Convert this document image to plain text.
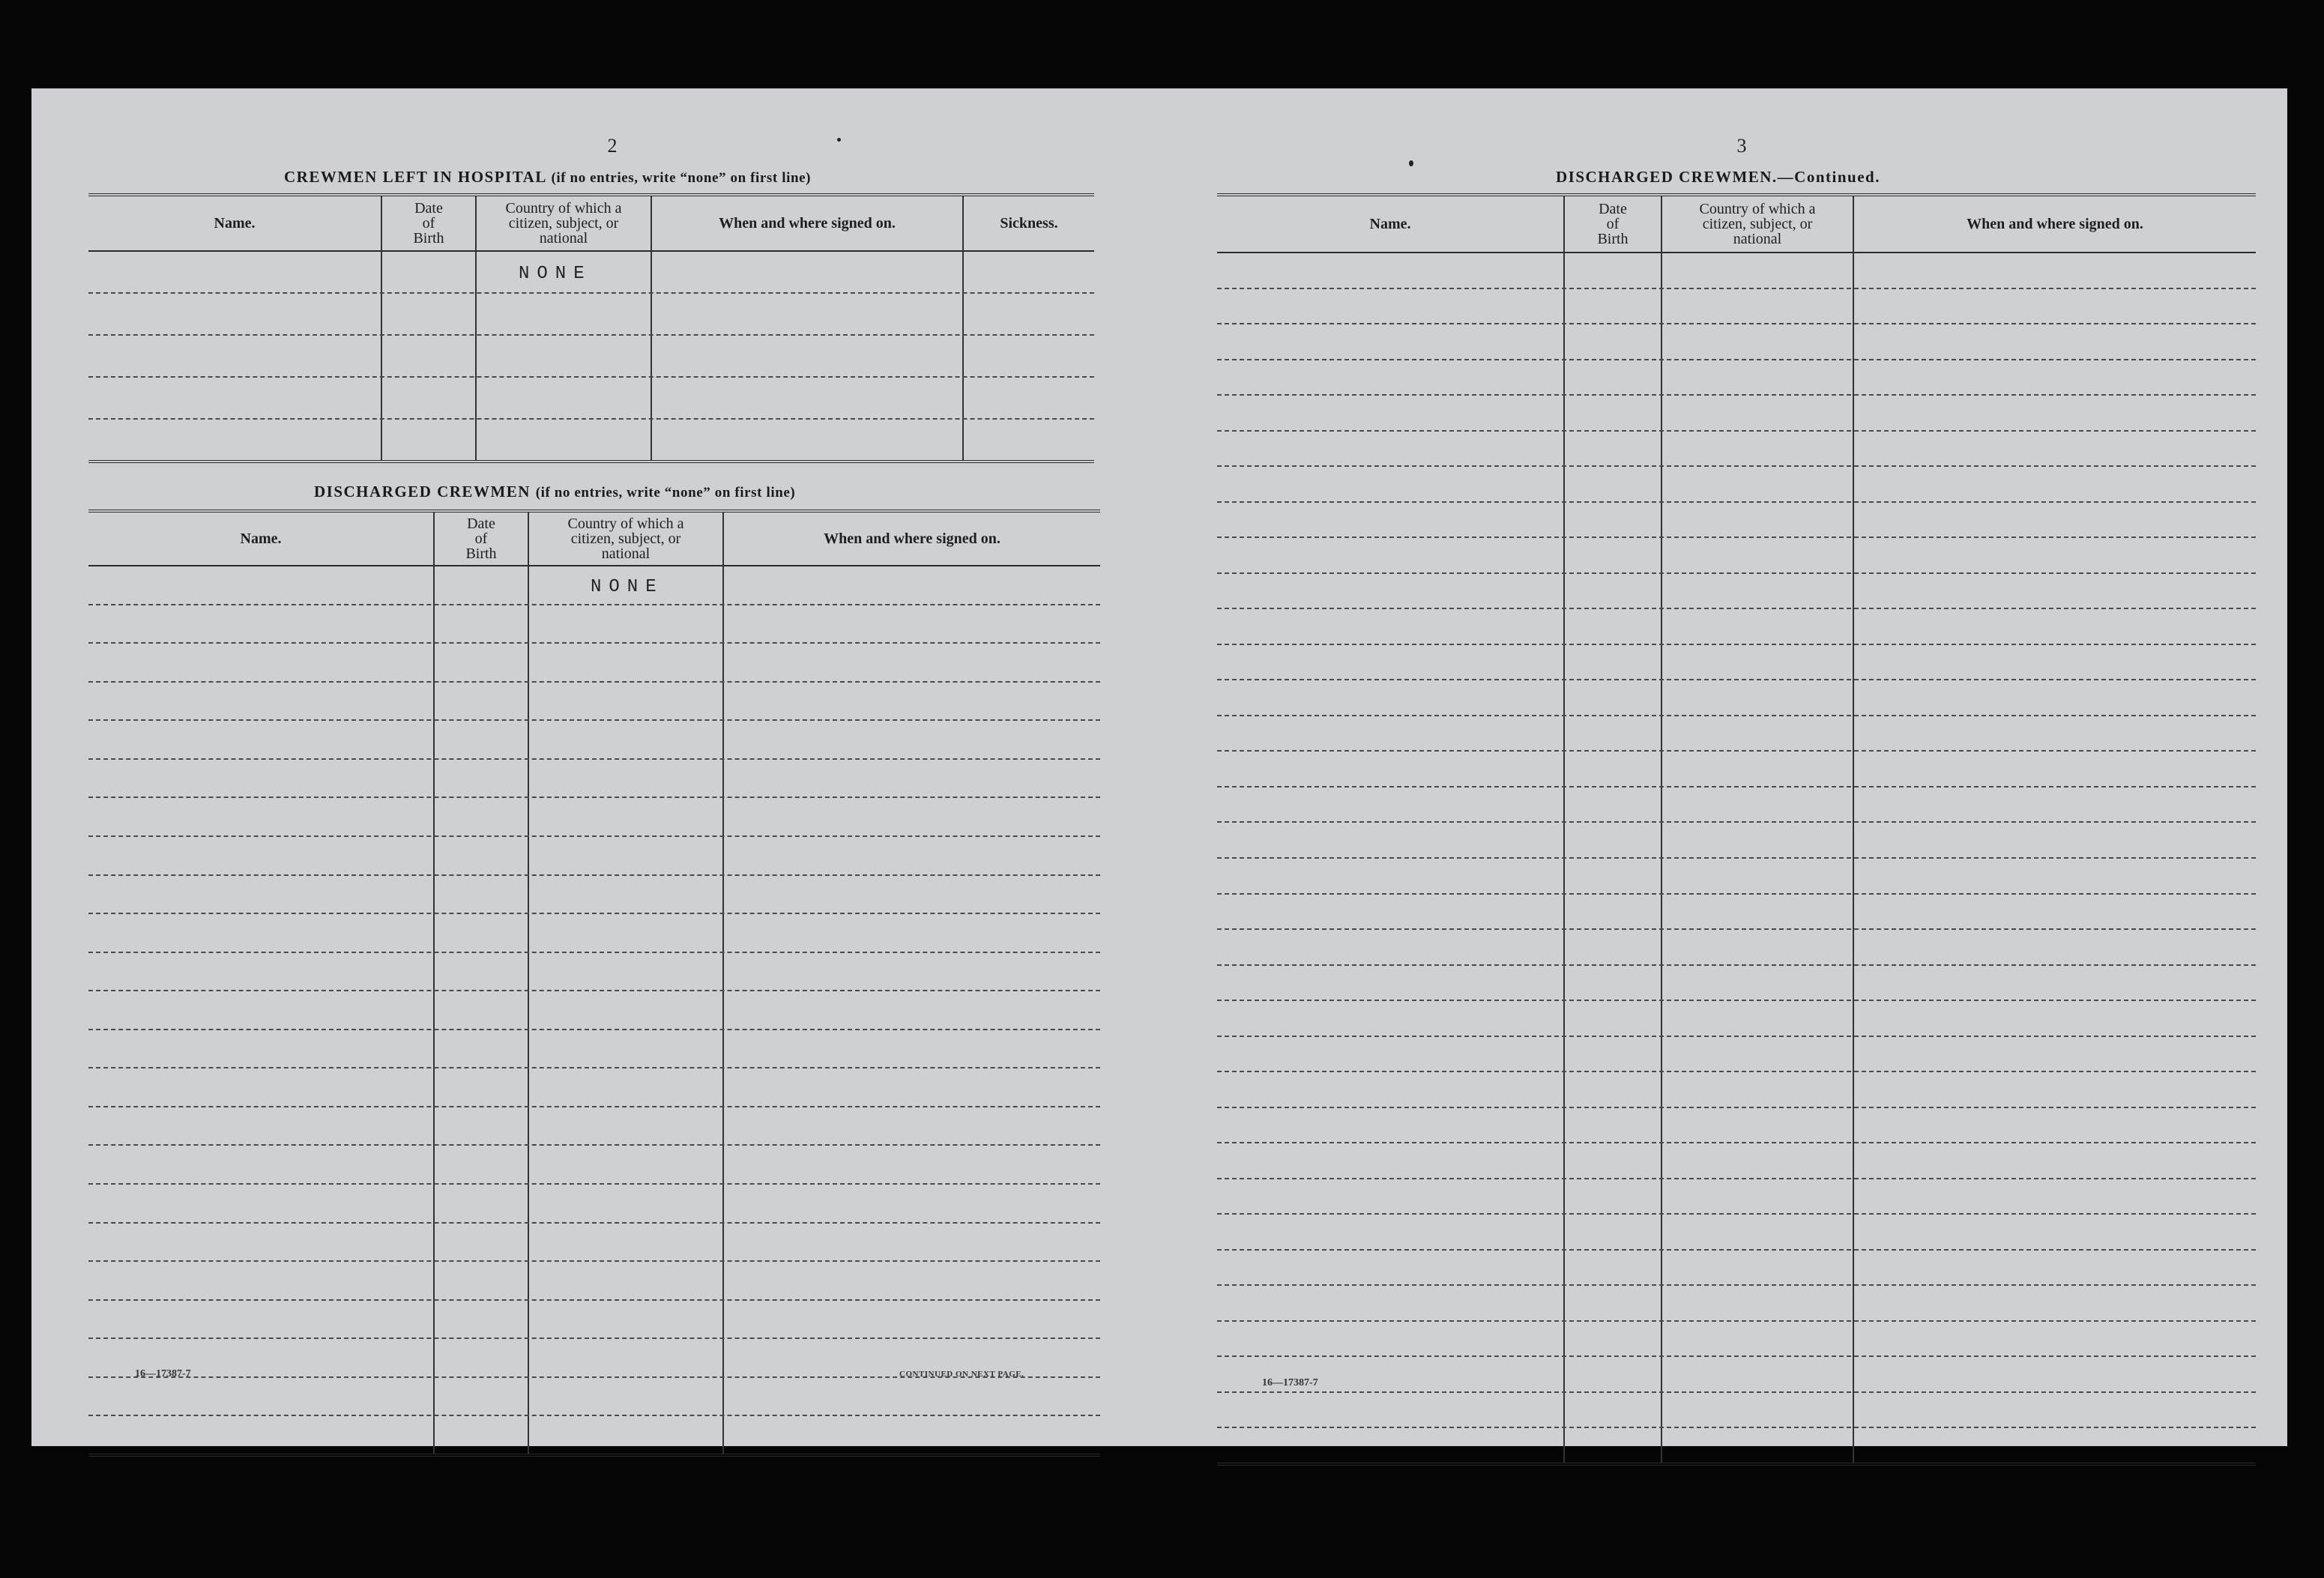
2
CREWMEN LEFT IN HOSPITAL (if no entries, write “none” on first line)
Name.
Date of Birth
Country of which a citizen, subject, or national
When and where signed on.	Sickness.
NONE
DISCHARGED CREWMEN (if no entries, write “none” on first line)
Name.
Date of Birth
Country of which a citizen, subject, or national
When and where signed on.
NONE
16—17387-7	CONTINUED ON NEXT PAGE.
3
DISCHARGED CREWMEN.—Continued.
Name.
Date of Birth
Country of which a citizen, subject, or national
When and where signed on.
16—17387-7
